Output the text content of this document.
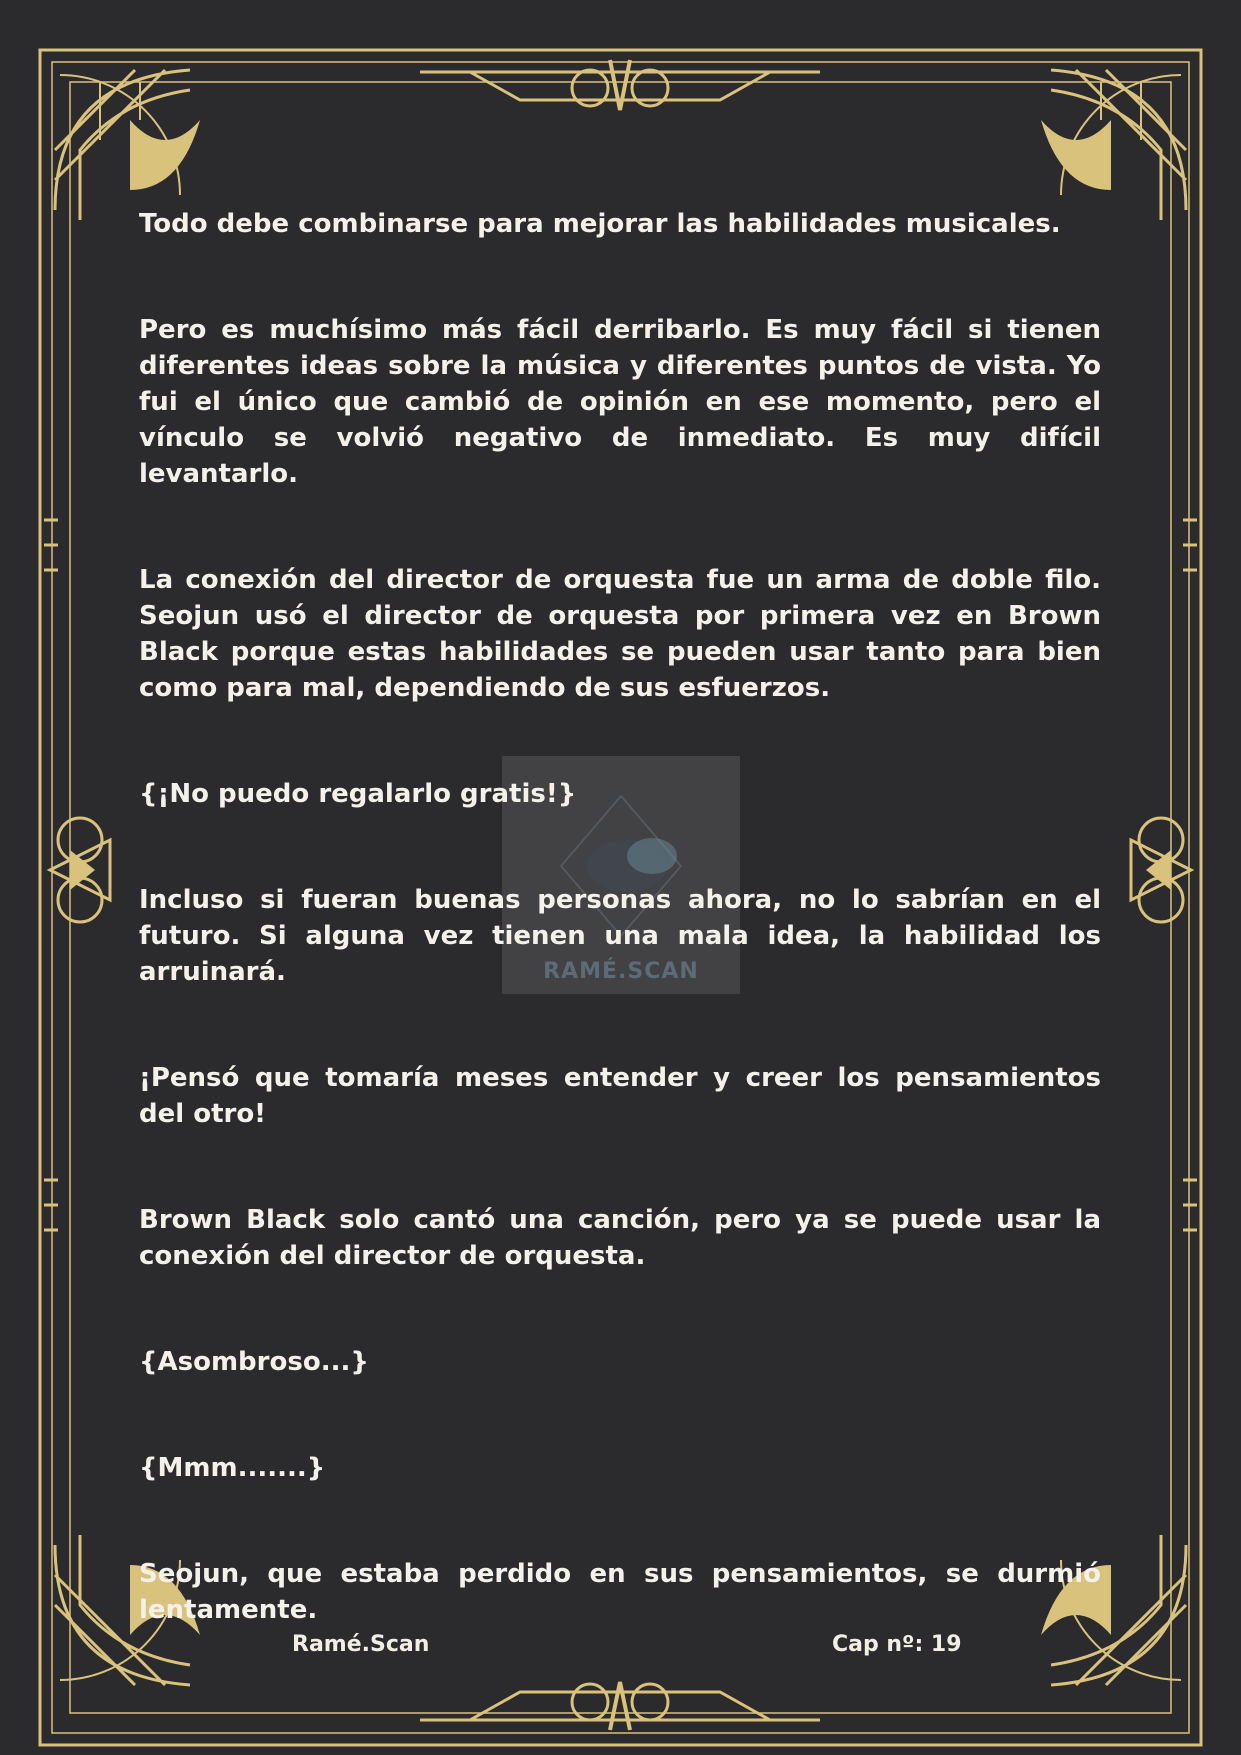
RAMÉ.SCAN

Todo debe combinarse para mejorar las habilidades musicales.

Pero es muchísimo más fácil derribarlo. Es muy fácil si tienen diferentes ideas sobre la música y diferentes puntos de vista. Yo fui el único que cambió de opinión en ese momento, pero el vínculo se volvió negativo de inmediato. Es muy difícil levantarlo.

La conexión del director de orquesta fue un arma de doble filo. Seojun usó el director de orquesta por primera vez en Brown Black porque estas habilidades se pueden usar tanto para bien como para mal, dependiendo de sus esfuerzos.

{¡No puedo regalarlo gratis!}

Incluso si fueran buenas personas ahora, no lo sabrían en el futuro. Si alguna vez tienen una mala idea, la habilidad los arruinará.

¡Pensó que tomaría meses entender y creer los pensamientos del otro!

Brown Black solo cantó una canción, pero ya se puede usar la conexión del director de orquesta.

{Asombroso...}

{Mmm.......}

Seojun, que estaba perdido en sus pensamientos, se durmió lentamente.

Ramé.Scan	Cap nº: 19
